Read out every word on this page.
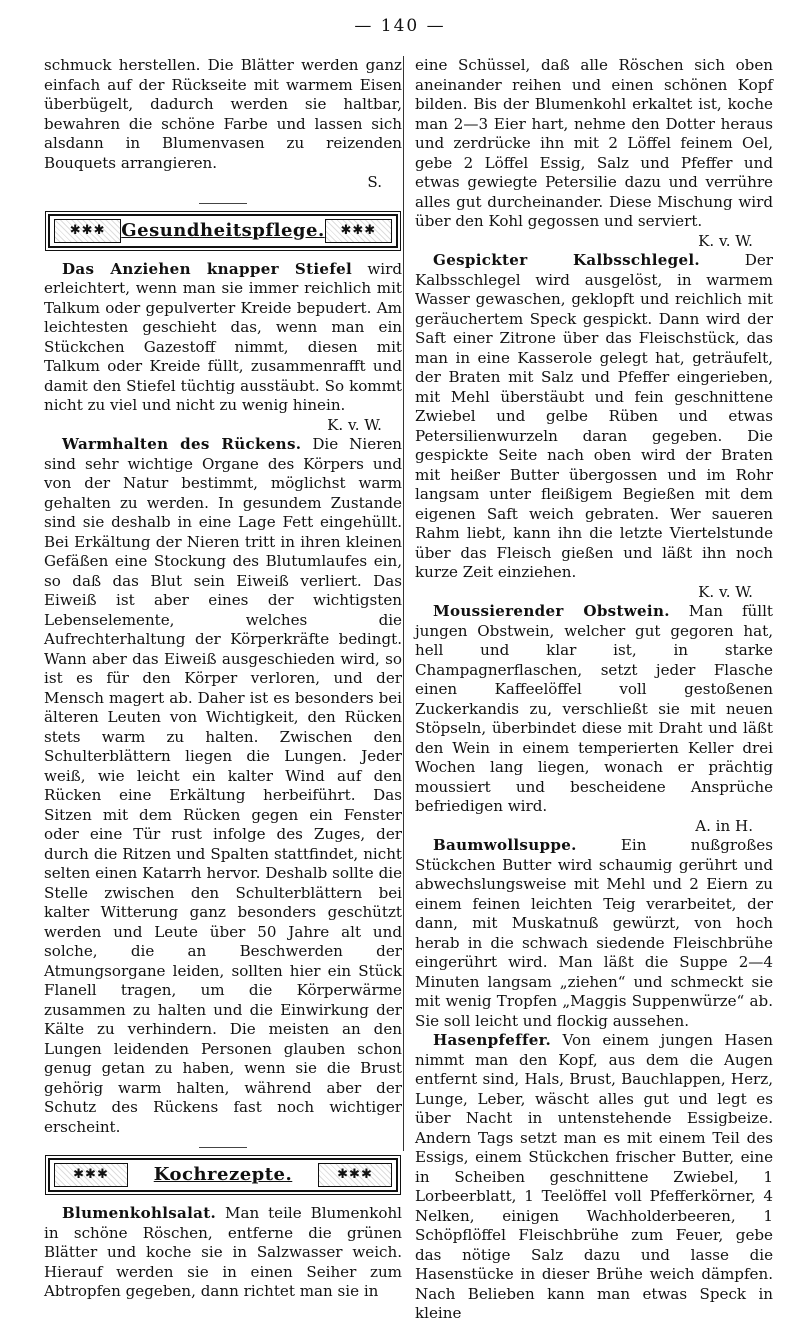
— 140 —

schmuck herstellen. Die Blätter werden ganz einfach auf der Rückseite mit warmem Eisen überbügelt, dadurch werden sie haltbar, bewahren die schöne Farbe und lassen sich alsdann in Blumenvasen zu reizenden Bouquets arrangieren.

S.

✱✱✱ Gesundheitspflege.	✱✱✱

Das Anziehen knapper Stiefel wird erleichtert, wenn man sie immer reichlich mit Talkum oder gepulverter Kreide bepudert. Am leichtesten geschieht das, wenn man ein Stückchen Gazestoff nimmt, diesen mit Talkum oder Kreide füllt, zusammenrafft und damit den Stiefel tüchtig ausstäubt. So kommt nicht zu viel und nicht zu wenig hinein.

K. v. W.

Warmhalten des Rückens. Die Nieren sind sehr wichtige Organe des Körpers und von der Natur bestimmt, möglichst warm gehalten zu werden. In gesundem Zustande sind sie deshalb in eine Lage Fett eingehüllt. Bei Erkältung der Nieren tritt in ihren kleinen Gefäßen eine Stockung des Blutumlaufes ein, so daß das Blut sein Eiweiß verliert. Das Eiweiß ist aber eines der wichtigsten Lebenselemente, welches die Aufrechterhaltung der Körperkräfte bedingt. Wann aber das Eiweiß ausgeschieden wird, so ist es für den Körper verloren, und der Mensch magert ab. Daher ist es besonders bei älteren Leuten von Wichtigkeit, den Rücken stets warm zu halten. Zwischen den Schulterblättern liegen die Lungen. Jeder weiß, wie leicht ein kalter Wind auf den Rücken eine Erkältung herbeiführt. Das Sitzen mit dem Rücken gegen ein Fenster oder eine Tür rust infolge des Zuges, der durch die Ritzen und Spalten stattfindet, nicht selten einen Katarrh hervor. Deshalb sollte die Stelle zwischen den Schulterblättern bei kalter Witterung ganz besonders geschützt werden und Leute über 50 Jahre alt und solche, die an Beschwerden der Atmungsorgane leiden, sollten hier ein Stück Flanell tragen, um die Körperwärme zusammen zu halten und die Einwirkung der Kälte zu verhindern. Die meisten an den Lungen leidenden Personen glauben schon genug getan zu haben, wenn sie die Brust gehörig warm halten, während aber der Schutz des Rückens fast noch wichtiger erscheint.

✱✱✱	Kochrezepte.	✱✱✱

Blumenkohlsalat. Man teile Blumenkohl in schöne Röschen, entferne die grünen Blätter und koche sie in Salzwasser weich. Hierauf werden sie in einen Seiher zum Abtropfen gegeben, dann richtet man sie in

eine Schüssel, daß alle Röschen sich oben aneinander reihen und einen schönen Kopf bilden. Bis der Blumenkohl erkaltet ist, koche man 2—3 Eier hart, nehme den Dotter heraus und zerdrücke ihn mit 2 Löffel feinem Oel, gebe 2 Löffel Essig, Salz und Pfeffer und etwas gewiegte Petersilie dazu und verrühre alles gut durcheinander. Diese Mischung wird über den Kohl gegossen und serviert.

K. v. W.

Gespickter Kalbsschlegel. Der Kalbsschlegel wird ausgelöst, in warmem Wasser gewaschen, geklopft und reichlich mit geräuchertem Speck gespickt. Dann wird der Saft einer Zitrone über das Fleischstück, das man in eine Kasserole gelegt hat, geträufelt, der Braten mit Salz und Pfeffer eingerieben, mit Mehl überstäubt und fein geschnittene Zwiebel und gelbe Rüben und etwas Petersilienwurzeln daran gegeben. Die gespickte Seite nach oben wird der Braten mit heißer Butter übergossen und im Rohr langsam unter fleißigem Begießen mit dem eigenen Saft weich gebraten. Wer saueren Rahm liebt, kann ihn die letzte Viertelstunde über das Fleisch gießen und läßt ihn noch kurze Zeit einziehen.

K. v. W.

Moussierender Obstwein. Man füllt jungen Obstwein, welcher gut gegoren hat, hell und klar ist, in starke Champagnerflaschen, setzt jeder Flasche einen Kaffeelöffel voll gestoßenen Zuckerkandis zu, verschließt sie mit neuen Stöpseln, überbindet diese mit Draht und läßt den Wein in einem temperierten Keller drei Wochen lang liegen, wonach er prächtig moussiert und bescheidene Ansprüche befriedigen wird.

A. in H.

Baumwollsuppe. Ein nußgroßes Stückchen Butter wird schaumig gerührt und abwechslungsweise mit Mehl und 2 Eiern zu einem feinen leichten Teig verarbeitet, der dann, mit Muskatnuß gewürzt, von hoch herab in die schwach siedende Fleischbrühe eingerührt wird. Man läßt die Suppe 2—4 Minuten langsam „ziehen“ und schmeckt sie mit wenig Tropfen „Maggis Suppenwürze“ ab. Sie soll leicht und flockig aussehen.

Hasenpfeffer. Von einem jungen Hasen nimmt man den Kopf, aus dem die Augen entfernt sind, Hals, Brust, Bauchlappen, Herz, Lunge, Leber, wäscht alles gut und legt es über Nacht in untenstehende Essigbeize. Andern Tags setzt man es mit einem Teil des Essigs, einem Stückchen frischer Butter, eine in Scheiben geschnittene Zwiebel, 1 Lorbeerblatt, 1 Teelöffel voll Pfefferkörner, 4 Nelken, einigen Wachholderbeeren, 1 Schöpflöffel Fleischbrühe zum Feuer, gebe das nötige Salz dazu und lasse die Hasenstücke in dieser Brühe weich dämpfen. Nach Belieben kann man etwas Speck in kleine
